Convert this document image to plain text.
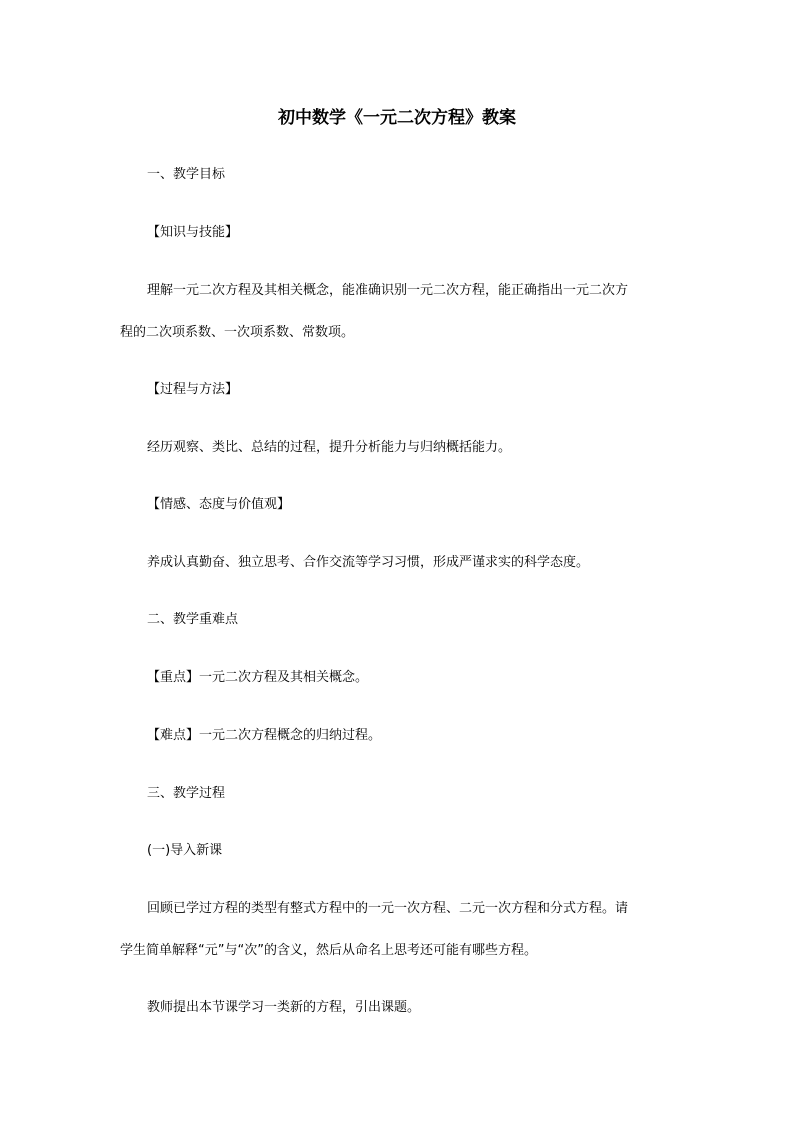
初中数学《一元二次方程》教案
一、教学目标
【知识与技能】
理解一元二次方程及其相关概念，能准确识别一元二次方程，能正确指出一元二次方
程的二次项系数、一次项系数、常数项。
【过程与方法】
经历观察、类比、总结的过程，提升分析能力与归纳概括能力。
【情感、态度与价值观】
养成认真勤奋、独立思考、合作交流等学习习惯，形成严谨求实的科学态度。
二、教学重难点
【重点】一元二次方程及其相关概念。
【难点】一元二次方程概念的归纳过程。
三、教学过程
(一)导入新课
回顾已学过方程的类型有整式方程中的一元一次方程、二元一次方程和分式方程。请
学生简单解释“元”与“次”的含义，然后从命名上思考还可能有哪些方程。
教师提出本节课学习一类新的方程，引出课题。
